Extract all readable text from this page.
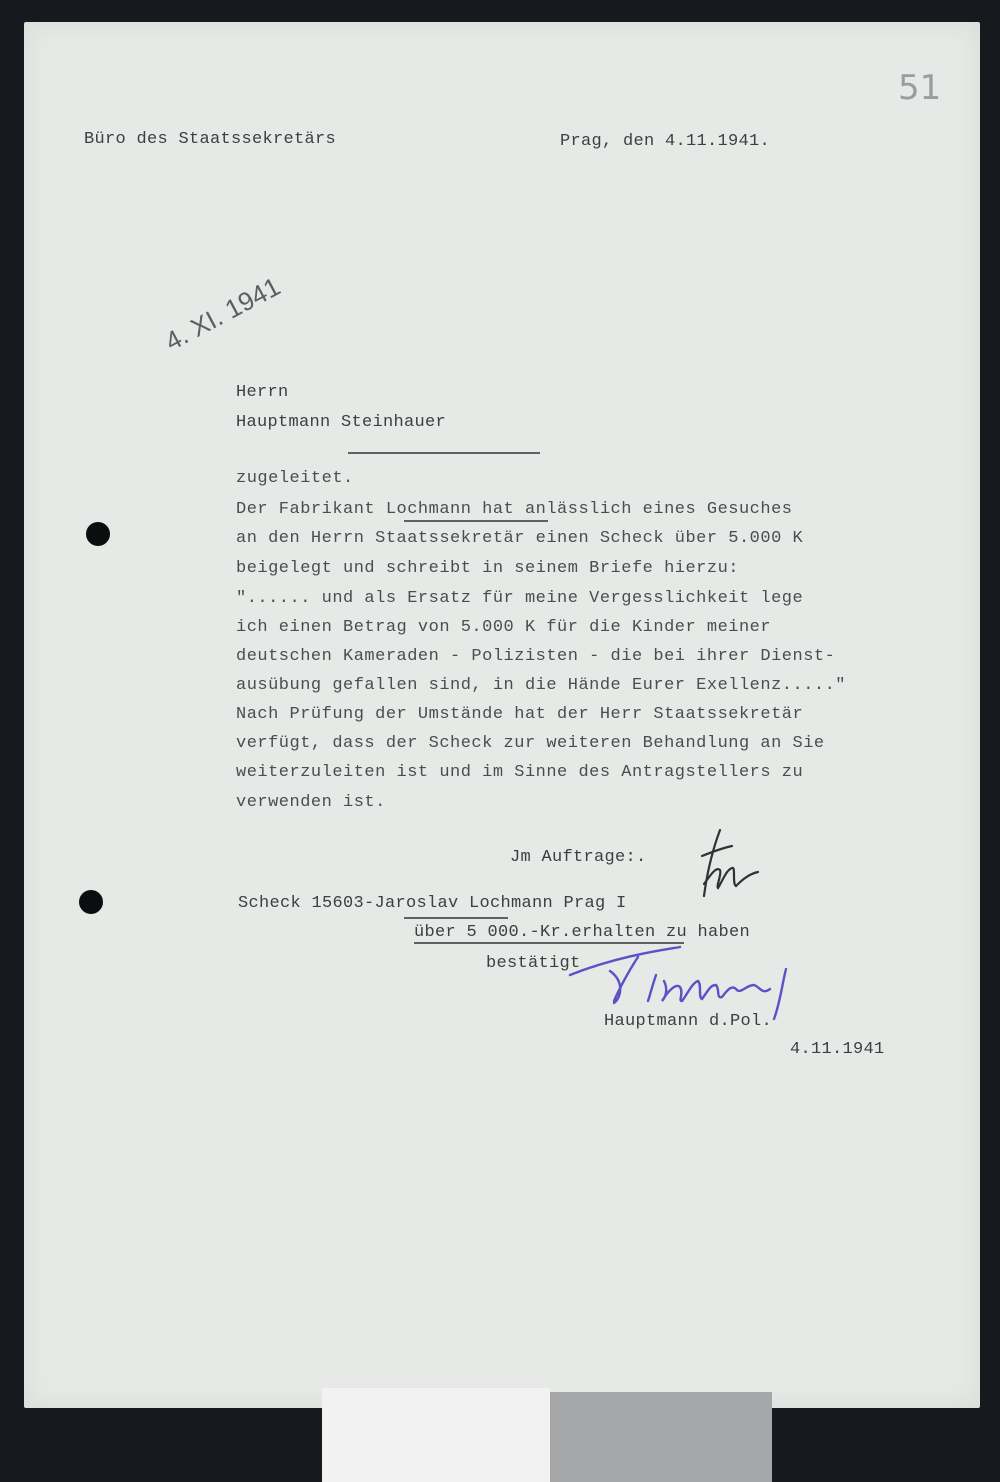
51
Büro des Staatssekretärs	Prag, den 4.11.1941.
4. XI. 1941
Herrn
Hauptmann Steinhauer
zugeleitet.
Der Fabrikant Lochmann hat anlässlich eines Gesuches
an den Herrn Staatssekretär einen Scheck über 5.000 K
beigelegt und schreibt in seinem Briefe hierzu:
"...... und als Ersatz für meine Vergesslichkeit lege
ich einen Betrag von 5.000 K für die Kinder meiner
deutschen Kameraden - Polizisten - die bei ihrer Dienst-
ausübung gefallen sind, in die Hände Eurer Exellenz....."
Nach Prüfung der Umstände hat der Herr Staatssekretär
verfügt, dass der Scheck zur weiteren Behandlung an Sie
weiterzuleiten ist und im Sinne des Antragstellers zu
verwenden ist.
Jm Auftrage:.
Scheck 15603-Jaroslav Lochmann Prag I
über 5 000.-Kr.erhalten zu haben
bestätigt
Hauptmann d.Pol.
4.11.1941
